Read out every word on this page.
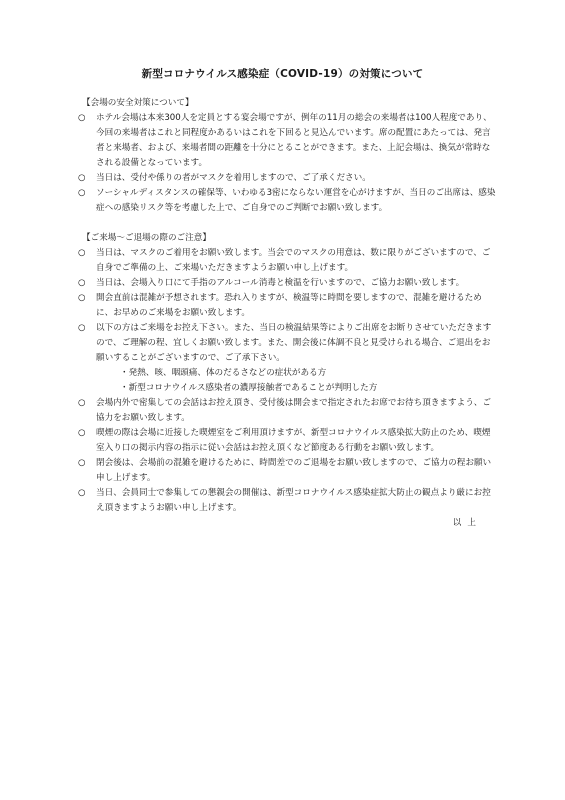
新型コロナウイルス感染症（COVID-19）の対策について
【会場の安全対策について】
○	ホテル会場は本来300人を定員とする宴会場ですが、例年の11月の総会の来場者は100人程度であり、今回の来場者はこれと同程度かあるいはこれを下回ると見込んでいます。席の配置にあたっては、発言者と来場者、および、来場者間の距離を十分にとることができます。また、上記会場は、換気が常時なされる設備となっています。
○	当日は、受付や係りの者がマスクを着用しますので、ご了承ください。
○	ソーシャルディスタンスの確保等、いわゆる3密にならない運営を心がけますが、当日のご出席は、感染症への感染リスク等を考慮した上で、ご自身でのご判断でお願い致します。
【ご来場～ご退場の際のご注意】
○	当日は、マスクのご着用をお願い致します。当会でのマスクの用意は、数に限りがございますので、ご自身でご準備の上、ご来場いただきますようお願い申し上げます。
○	当日は、会場入り口にて手指のアルコール消毒と検温を行いますので、ご協力お願い致します。
○	開会直前は混雑が予想されます。恐れ入りますが、検温等に時間を要しますので、混雑を避けるために、お早めのご来場をお願い致します。
○	以下の方はご来場をお控え下さい。また、当日の検温結果等によりご出席をお断りさせていただきますので、ご理解の程、宜しくお願い致します。また、開会後に体調不良と見受けられる場合、ご退出をお願いすることがございますので、ご了承下さい。
・発熱、咳、咽頭痛、体のだるさなどの症状がある方
・新型コロナウイルス感染者の濃厚接触者であることが判明した方
○	会場内外で密集しての会話はお控え頂き、受付後は開会まで指定されたお席でお待ち頂きますよう、ご協力をお願い致します。
○	喫煙の際は会場に近接した喫煙室をご利用頂けますが、新型コロナウイルス感染拡大防止のため、喫煙室入り口の掲示内容の指示に従い会話はお控え頂くなど節度ある行動をお願い致します。
○	閉会後は、会場前の混雑を避けるために、時間差でのご退場をお願い致しますので、ご協力の程お願い申し上げます。
○	当日、会員同士で参集しての懇親会の開催は、新型コロナウイルス感染症拡大防止の観点より厳にお控え頂きますようお願い申し上げます。
以上
